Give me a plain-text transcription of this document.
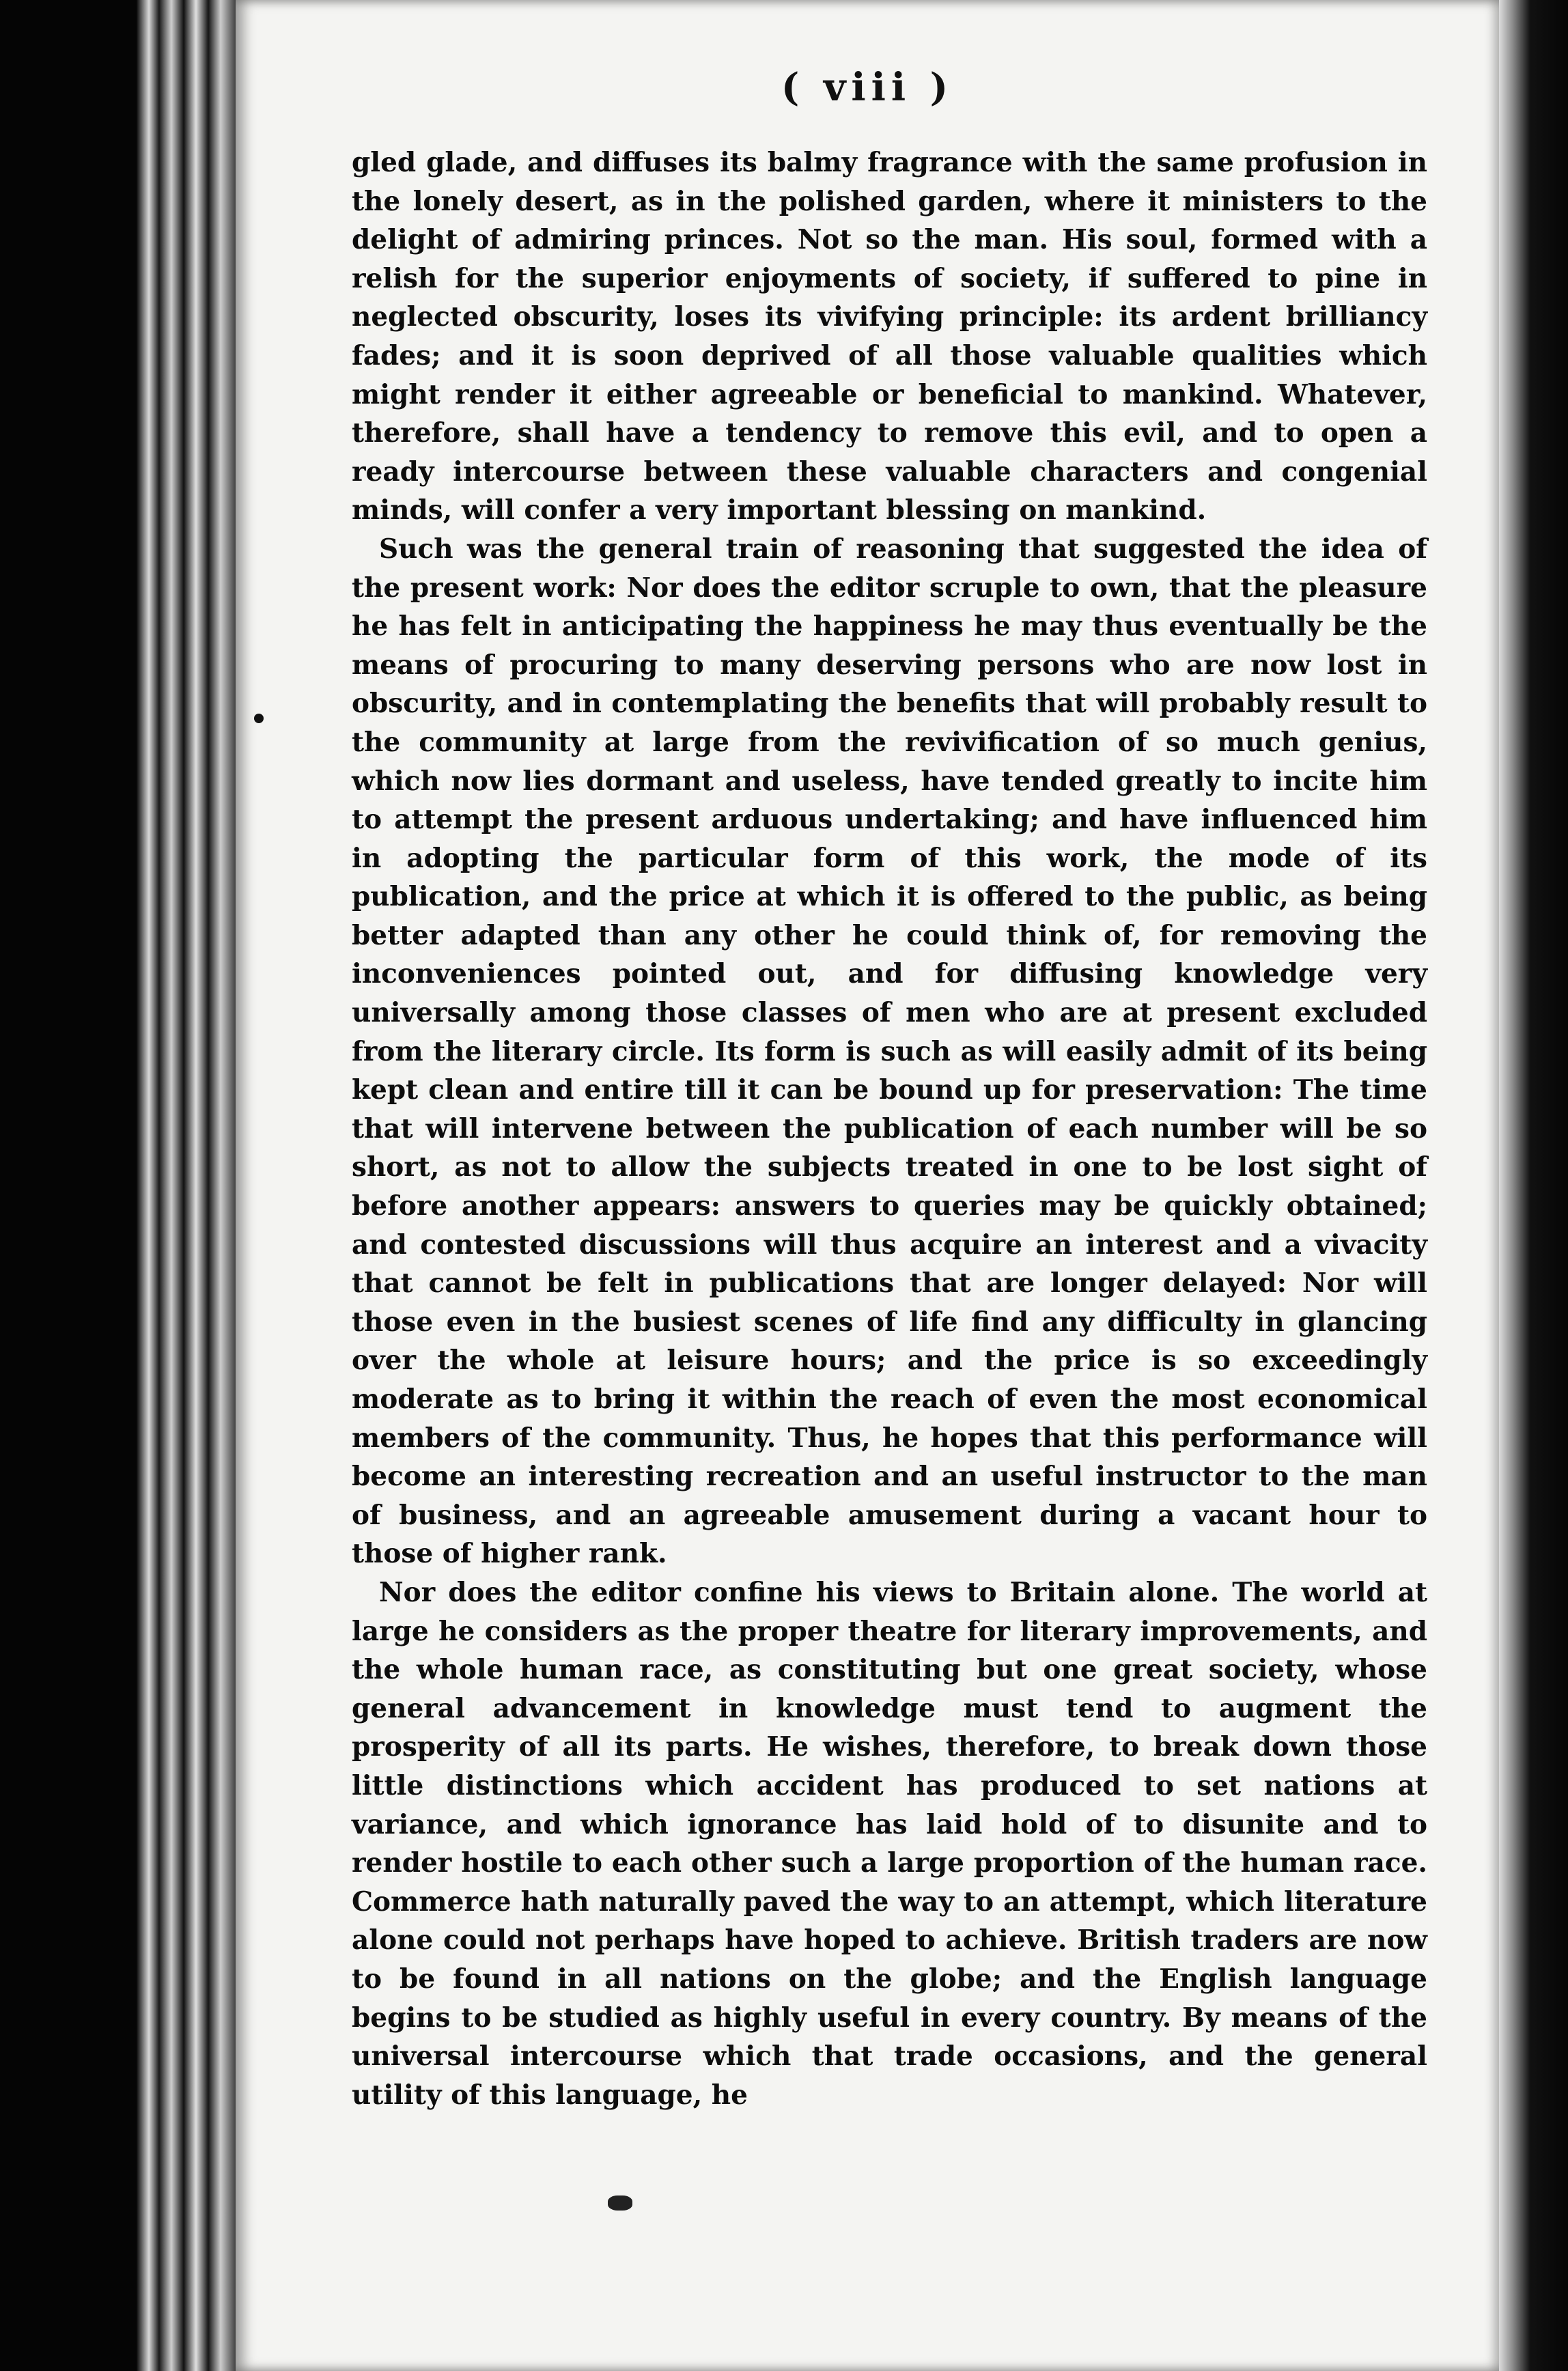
( viii )

gled glade, and diffuses its balmy fragrance with the same profusion in the lonely desert, as in the polished garden, where it ministers to the delight of admiring princes. Not so the man. His soul, formed with a relish for the superior enjoyments of society, if suffered to pine in neglected obscurity, loses its vivifying principle: its ardent brilliancy fades; and it is soon deprived of all those valuable qualities which might render it either agreeable or beneficial to mankind. Whatever, therefore, shall have a tendency to remove this evil, and to open a ready intercourse between these valuable characters and congenial minds, will confer a very important blessing on mankind.

Such was the general train of reasoning that suggested the idea of the present work: Nor does the editor scruple to own, that the pleasure he has felt in anticipating the happiness he may thus eventually be the means of procuring to many deserving persons who are now lost in obscurity, and in contemplating the benefits that will probably result to the community at large from the revivification of so much genius, which now lies dormant and useless, have tended greatly to incite him to attempt the present arduous undertaking; and have influenced him in adopting the particular form of this work, the mode of its publication, and the price at which it is offered to the public, as being better adapted than any other he could think of, for removing the inconveniences pointed out, and for diffusing knowledge very universally among those classes of men who are at present excluded from the literary circle. Its form is such as will easily admit of its being kept clean and entire till it can be bound up for preservation: The time that will intervene between the publication of each number will be so short, as not to allow the subjects treated in one to be lost sight of before another appears: answers to queries may be quickly obtained; and contested discussions will thus acquire an interest and a vivacity that cannot be felt in publications that are longer delayed: Nor will those even in the busiest scenes of life find any difficulty in glancing over the whole at leisure hours; and the price is so exceedingly moderate as to bring it within the reach of even the most economical members of the community. Thus, he hopes that this performance will become an interesting recreation and an useful instructor to the man of business, and an agreeable amusement during a vacant hour to those of higher rank.

Nor does the editor confine his views to Britain alone. The world at large he considers as the proper theatre for literary improvements, and the whole human race, as constituting but one great society, whose general advancement in knowledge must tend to augment the prosperity of all its parts. He wishes, therefore, to break down those little distinctions which accident has produced to set nations at variance, and which ignorance has laid hold of to disunite and to render hostile to each other such a large proportion of the human race. Commerce hath naturally paved the way to an attempt, which literature alone could not perhaps have hoped to achieve. British traders are now to be found in all nations on the globe; and the English language begins to be studied as highly useful in every country. By means of the universal intercourse which that trade occasions, and the general utility of this language, he
